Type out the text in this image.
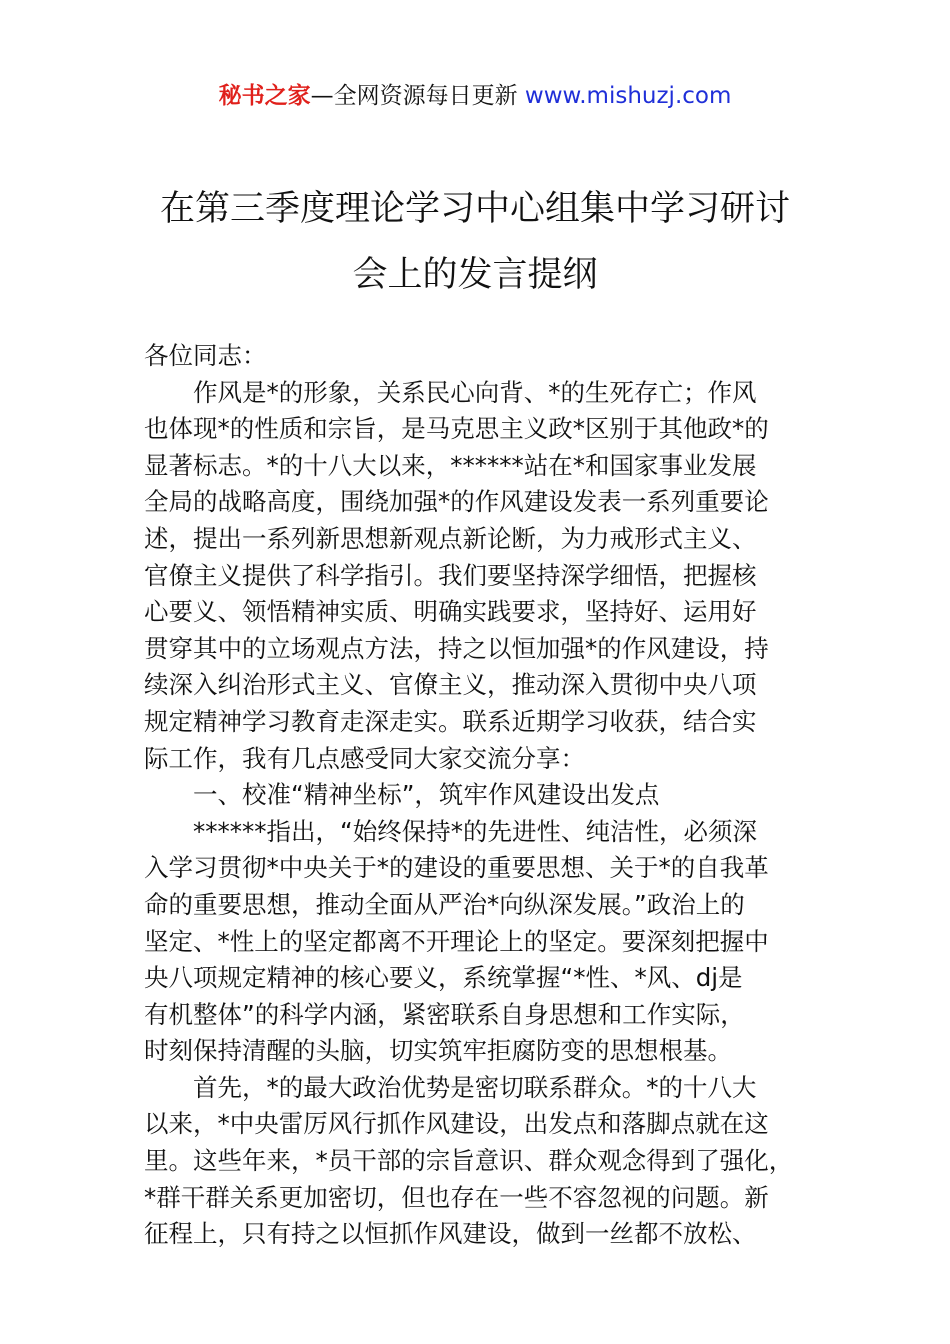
秘书之家—全网资源每日更新 www.mishuzj.com
在第三季度理论学习中心组集中学习研讨
会上的发言提纲
各位同志：
　　作风是*的形象，关系民心向背、*的生死存亡；作风
也体现*的性质和宗旨，是马克思主义政*区别于其他政*的
显著标志。*的十八大以来，******站在*和国家事业发展
全局的战略高度，围绕加强*的作风建设发表一系列重要论
述，提出一系列新思想新观点新论断，为力戒形式主义、
官僚主义提供了科学指引。我们要坚持深学细悟，把握核
心要义、领悟精神实质、明确实践要求，坚持好、运用好
贯穿其中的立场观点方法，持之以恒加强*的作风建设，持
续深入纠治形式主义、官僚主义，推动深入贯彻中央八项
规定精神学习教育走深走实。联系近期学习收获，结合实
际工作，我有几点感受同大家交流分享：
　　一、校准“精神坐标”，筑牢作风建设出发点
　　******指出，“始终保持*的先进性、纯洁性，必须深
入学习贯彻*中央关于*的建设的重要思想、关于*的自我革
命的重要思想，推动全面从严治*向纵深发展。”政治上的
坚定、*性上的坚定都离不开理论上的坚定。要深刻把握中
央八项规定精神的核心要义，系统掌握“*性、*风、dj是
有机整体”的科学内涵，紧密联系自身思想和工作实际，
时刻保持清醒的头脑，切实筑牢拒腐防变的思想根基。
　　首先，*的最大政治优势是密切联系群众。*的十八大
以来，*中央雷厉风行抓作风建设，出发点和落脚点就在这
里。这些年来，*员干部的宗旨意识、群众观念得到了强化，
*群干群关系更加密切，但也存在一些不容忽视的问题。新
征程上，只有持之以恒抓作风建设，做到一丝都不放松、
